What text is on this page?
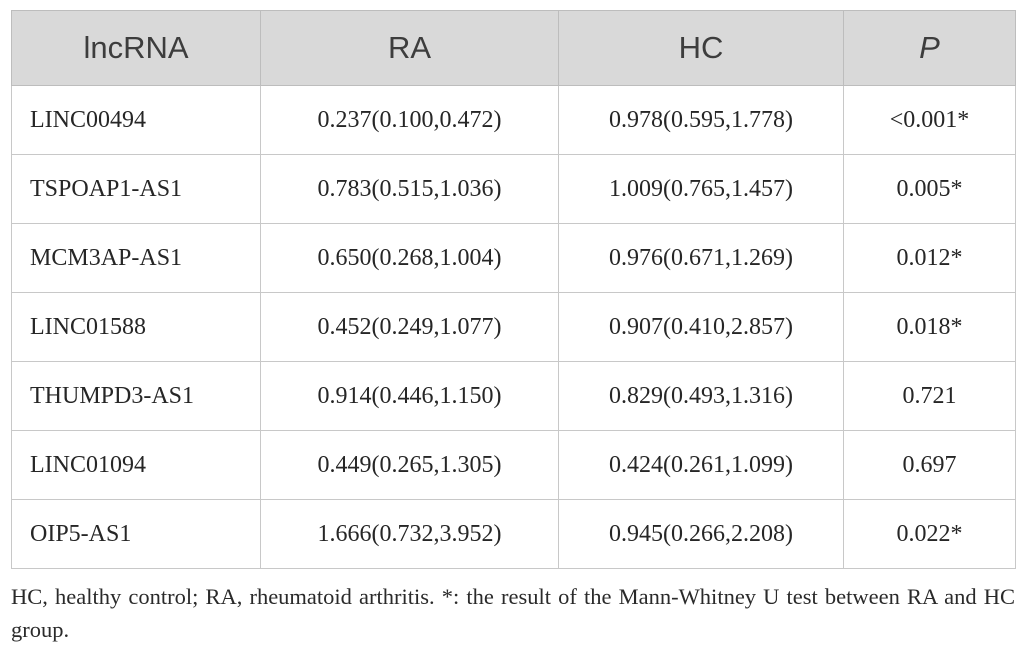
lncRNA	RA	HC	P
LINC00494	0.237(0.100,0.472)	0.978(0.595,1.778)	<0.001*
TSPOAP1-AS1	0.783(0.515,1.036)	1.009(0.765,1.457)	0.005*
MCM3AP-AS1	0.650(0.268,1.004)	0.976(0.671,1.269)	0.012*
LINC01588	0.452(0.249,1.077)	0.907(0.410,2.857)	0.018*
THUMPD3-AS1	0.914(0.446,1.150)	0.829(0.493,1.316)	0.721
LINC01094	0.449(0.265,1.305)	0.424(0.261,1.099)	0.697
OIP5-AS1	1.666(0.732,3.952)	0.945(0.266,2.208)	0.022*
HC, healthy control; RA, rheumatoid arthritis. *: the result of the Mann-Whitney U test between RA and HC group.
